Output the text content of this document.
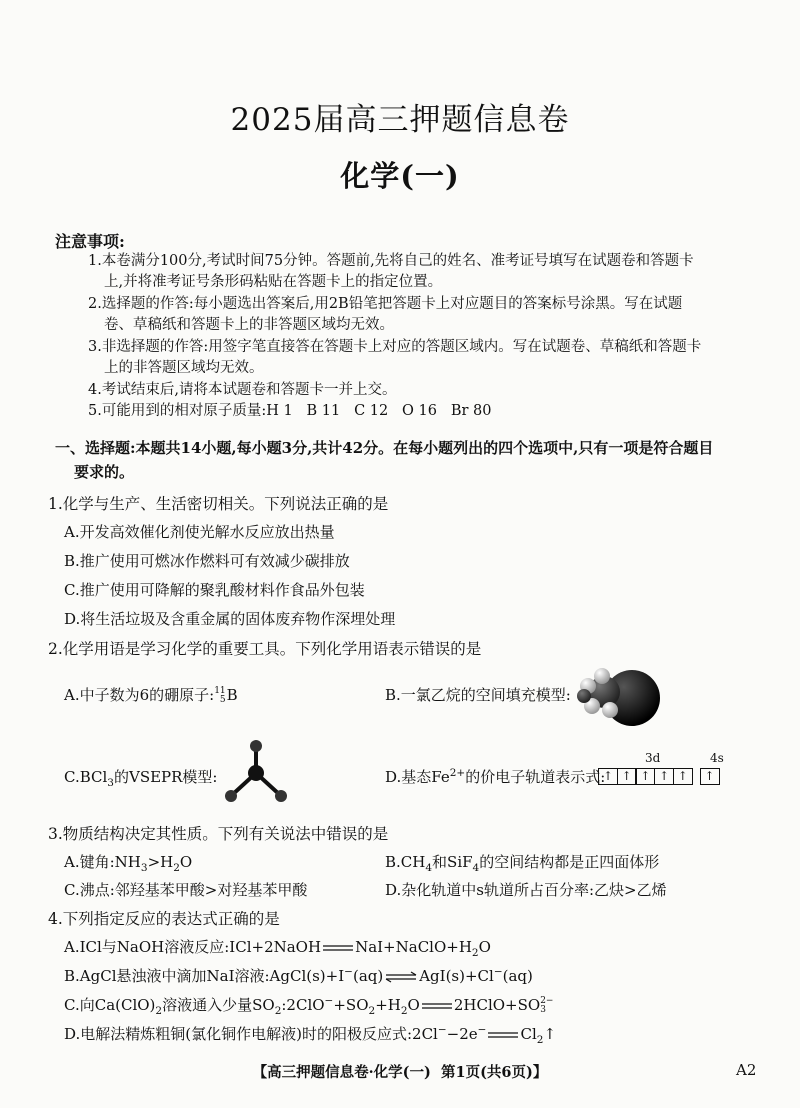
2025届高三押题信息卷
化学(一)
注意事项:
1.本卷满分100分,考试时间75分钟。答题前,先将自己的姓名、准考证号填写在试题卷和答题卡
上,并将准考证号条形码粘贴在答题卡上的指定位置。
2.选择题的作答:每小题选出答案后,用2B铅笔把答题卡上对应题目的答案标号涂黑。写在试题
卷、草稿纸和答题卡上的非答题区域均无效。
3.非选择题的作答:用签字笔直接答在答题卡上对应的答题区域内。写在试题卷、草稿纸和答题卡
上的非答题区域均无效。
4.考试结束后,请将本试题卷和答题卡一并上交。
5.可能用到的相对原子质量:H 1   B 11   C 12   O 16   Br 80
一、选择题:本题共14小题,每小题3分,共计42分。在每小题列出的四个选项中,只有一项是符合题目
要求的。
1.化学与生产、生活密切相关。下列说法正确的是
A.开发高效催化剂使光解水反应放出热量
B.推广使用可燃冰作燃料可有效减少碳排放
C.推广使用可降解的聚乳酸材料作食品外包装
D.将生活垃圾及含重金属的固体废弃物作深埋处理
2.化学用语是学习化学的重要工具。下列化学用语表示错误的是
A.中子数为6的硼原子: 11
5 B	B.一氯乙烷的空间填充模型:
C.BCl$_3$的VSEPR模型:	D.基态$Fe^{2+}$的价电子轨道表示式:
3d	4s
↑ ↑ ↑ ↑ ↑ ↑
3.物质结构决定其性质。下列有关说法中错误的是
A.键角$:NH_3>H_2O$	$B.CH_4$和SiF$_4$的空间结构都是正四面体形
C.沸点:邻羟基苯甲酸>对羟基苯甲酸	D.杂化轨道中s轨道所占百分率:乙炔>乙烯
4.下列指定反应的表达式正确的是
A.ICl与NaOH溶液反应:ICl+2NaOH $NaI+NaClO+H_2O$
B.AgCl悬浊液中滴加NaI溶液:AgCl(s)+I−(aq)⇌AgI(s)+Cl−(aq)
C.向$Ca(ClO)_2$溶液通入少量$SO_2:2ClO^-+SO_2+H_2O$ 2HClO+SO 2−
3
D.电解法精炼粗铜(氯化铜作电解液)时的阳极反应式:2Cl−−2e− $Cl_2↑$
【高三押题信息卷·化学(一)  第1页(共6页)】	A2
